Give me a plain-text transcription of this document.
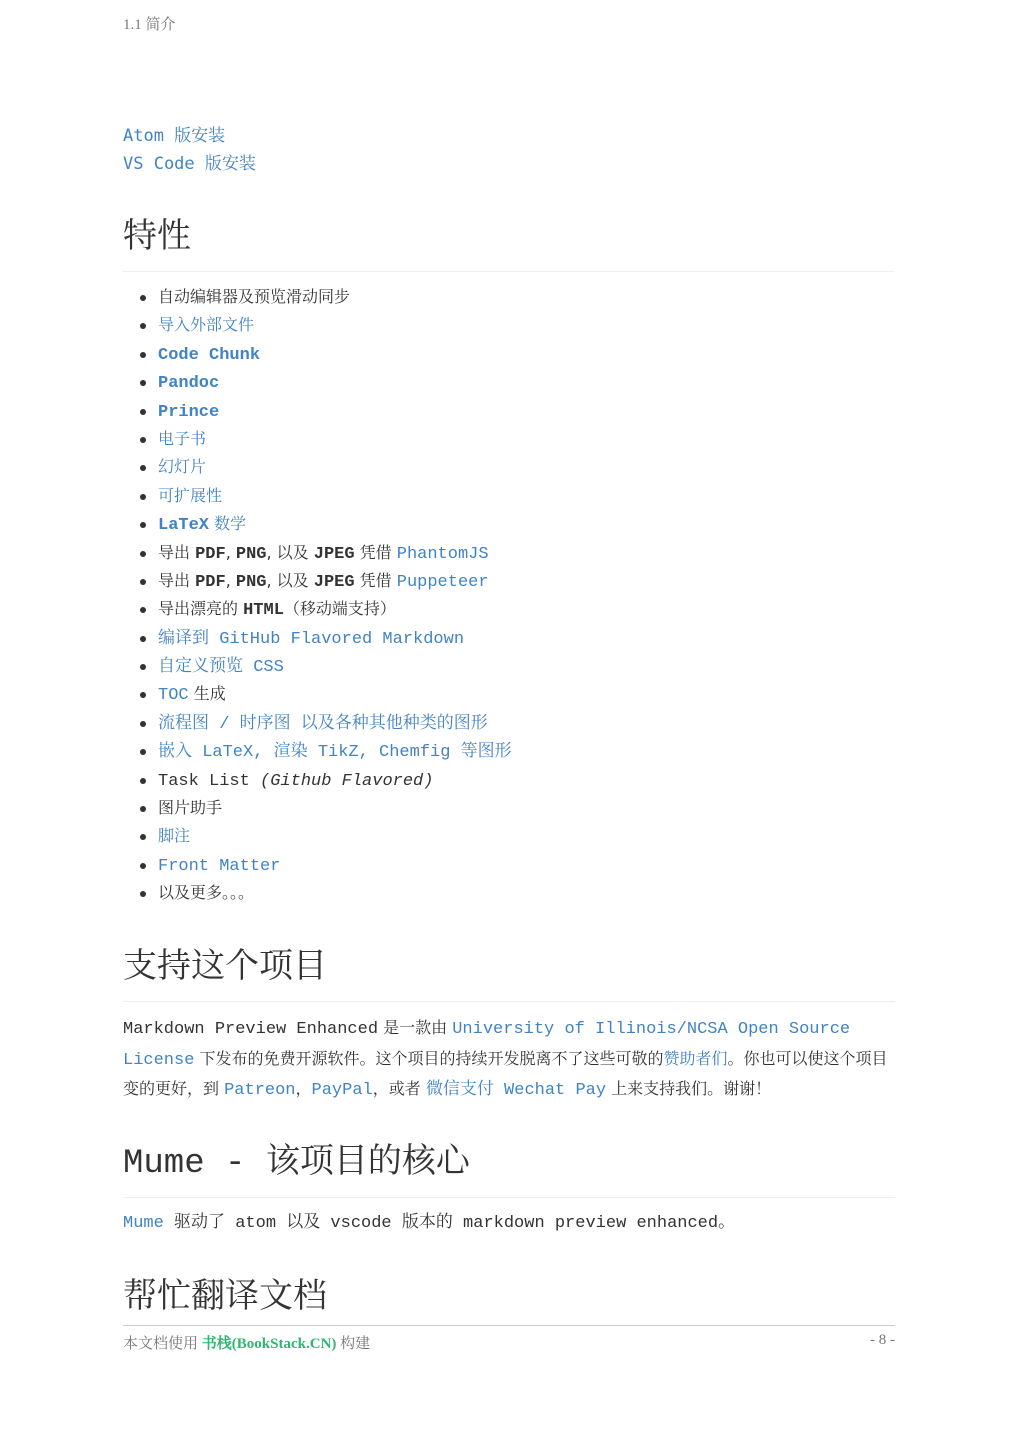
1.1 简介
Atom 版安装
VS Code 版安装
特性
自动编辑器及预览滑动同步
导入外部文件
Code Chunk
Pandoc
Prince
电子书
幻灯片
可扩展性
LaTeX 数学
导出 PDF, PNG, 以及 JPEG 凭借 PhantomJS
导出 PDF, PNG, 以及 JPEG 凭借 Puppeteer
导出漂亮的 HTML（移动端支持）
编译到 GitHub Flavored Markdown
自定义预览 CSS
TOC 生成
流程图 / 时序图 以及各种其他种类的图形
嵌入 LaTeX, 渲染 TikZ, Chemfig 等图形
Task List (Github Flavored)
图片助手
脚注
Front Matter
以及更多。。。
支持这个项目

Markdown Preview Enhanced 是一款由 University of Illinois/NCSA Open Source License 下发布的免费开源软件。这个项目的持续开发脱离不了这些可敬的赞助者们。你也可以使这个项目变的更好，到 Patreon，PayPal，或者 微信支付 Wechat Pay 上来支持我们。谢谢！

Mume - 该项目的核心

Mume 驱动了 atom 以及 vscode 版本的 markdown preview enhanced。

帮忙翻译文档
本文档使用 书栈(BookStack.CN) 构建	- 8 -
